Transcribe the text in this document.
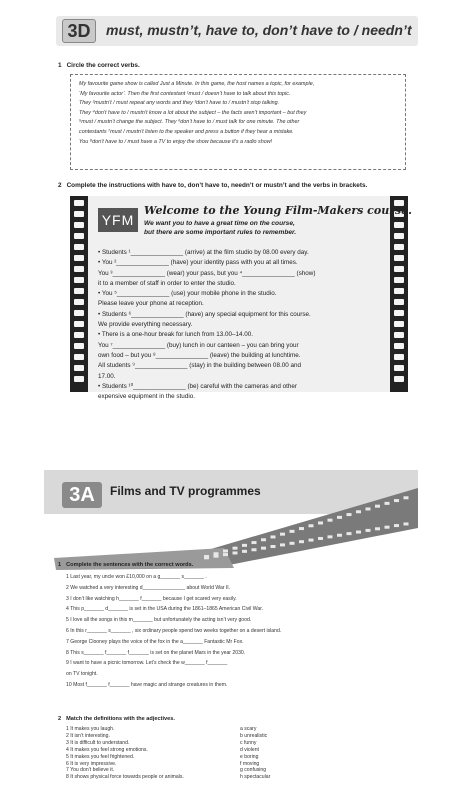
3D	must, mustn’t, have to, don’t have to / needn’t
1 Circle the correct verbs.
My favourite game show is called Just a Minute. In this game, the host names a topic, for example,
‘My favourite actor’. Then the first contestant ¹must / doesn’t have to talk about this topic.
They ²mustn’t / must repeat any words and they ³don’t have to / mustn’t stop talking.
They ⁴don’t have to / mustn’t know a lot about the subject – the facts aren’t important – but they
⁵must / mustn’t change the subject. They ⁶don’t have to / must talk for one minute. The other
contestants ⁷must / mustn’t listen to the speaker and press a button if they hear a mistake.
You ⁸don’t have to / must have a TV to enjoy the show because it’s a radio show!
2 Complete the instructions with have to, don’t have to, needn’t or mustn’t and the verbs in brackets.
YFM
Welcome to the Young Film-Makers course.
We want you to have a great time on the course,
but there are some important rules to remember.
• Students ¹_______________ (arrive) at the film studio by 08.00 every day.
• You ²_______________ (have) your identity pass with you at all times.
You ³_______________ (wear) your pass, but you ⁴_______________ (show)
it to a member of staff in order to enter the studio.
• You ⁵_______________ (use) your mobile phone in the studio.
Please leave your phone at reception.
• Students ⁶_______________ (have) any special equipment for this course.
We provide everything necessary.
• There is a one-hour break for lunch from 13.00–14.00.
You ⁷_______________ (buy) lunch in our canteen – you can bring your
own food – but you ⁸_______________ (leave) the building at lunchtime.
All students ⁹_______________ (stay) in the building between 08.00 and
17.00.
• Students ¹⁰_______________ (be) careful with the cameras and other
expensive equipment in the studio.
3A	Films and TV programmes
1 Complete the sentences with the correct words.
1 Last year, my uncle won £10,000 on a g_______ s_______ .
2 We watched a very interesting d_______________ about World War II.
3 I don’t like watching h_______ f_______ because I get scared very easily.
4 This p_______ d_______ is set in the USA during the 1861–1865 American Civil War.
5 I love all the songs in this m_______ but unfortunately the acting isn’t very good.
6 In this r_______ s_______ , six ordinary people spend two weeks together on a desert island.
7 George Clooney plays the voice of the fox in the a_______ Fantastic Mr Fox.
8 This s_______ f_______ f_______ is set on the planet Mars in the year 2030.
9 I want to have a picnic tomorrow. Let’s check the w_______ f_______
on TV tonight.
10 Most f_______ f_______ have magic and strange creatures in them.
2 Match the definitions with the adjectives.
1 It makes you laugh.
2 It isn’t interesting.
3 It is difficult to understand.
4 It makes you feel strong emotions.
5 It makes you feel frightened.
6 It is very impressive.
7 You don’t believe it.
8 It shows physical force towards people or animals.
a scary
b unrealistic
c funny
d violent
e boring
f moving
g confusing
h spectacular
